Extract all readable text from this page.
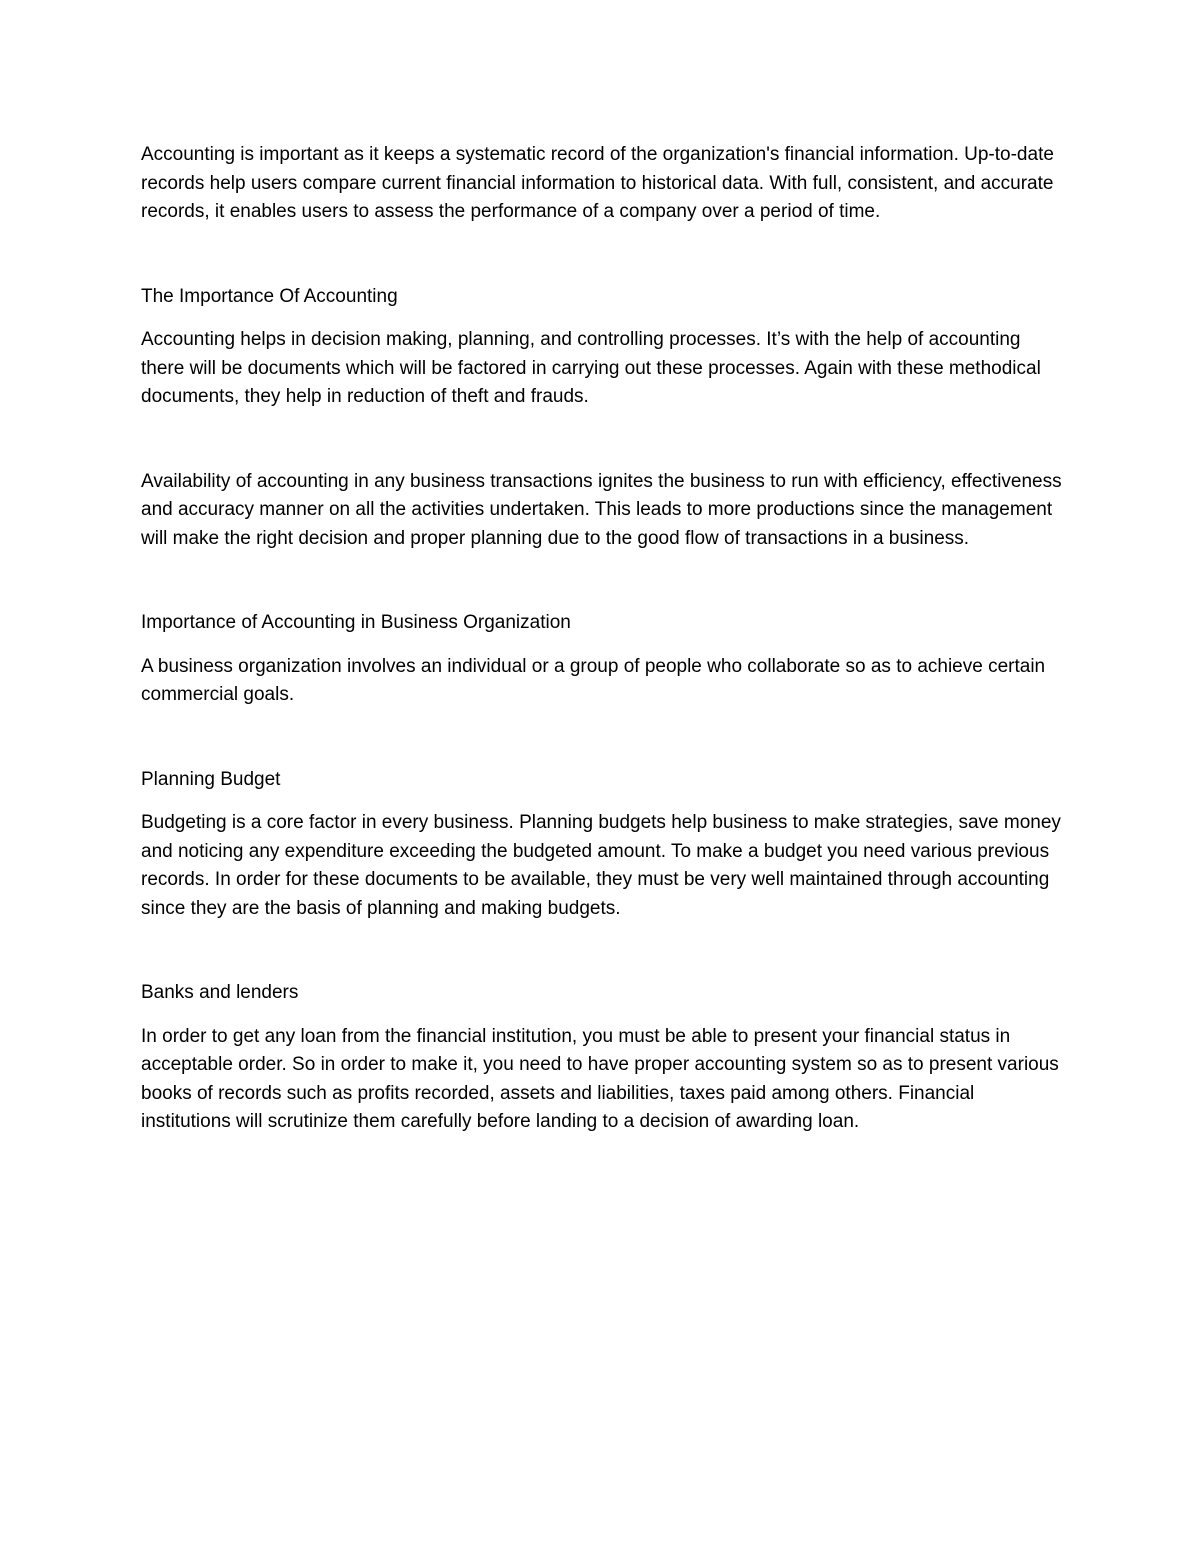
Accounting is important as it keeps a systematic record of the organization's financial information. Up-to-date records help users compare current financial information to historical data. With full, consistent, and accurate records, it enables users to assess the performance of a company over a period of time.

The Importance Of Accounting

Accounting helps in decision making, planning, and controlling processes. It’s with the help of accounting there will be documents which will be factored in carrying out these processes. Again with these methodical documents, they help in reduction of theft and frauds.

Availability of accounting in any business transactions ignites the business to run with efficiency, effectiveness and accuracy manner on all the activities undertaken. This leads to more productions since the management will make the right decision and proper planning due to the good flow of transactions in a business.

Importance of Accounting in Business Organization

A business organization involves an individual or a group of people who collaborate so as to achieve certain commercial goals.

Planning Budget

Budgeting is a core factor in every business. Planning budgets help business to make strategies, save money and noticing any expenditure exceeding the budgeted amount. To make a budget you need various previous records. In order for these documents to be available, they must be very well maintained through accounting since they are the basis of planning and making budgets.

Banks and lenders

In order to get any loan from the financial institution, you must be able to present your financial status in acceptable order. So in order to make it, you need to have proper accounting system so as to present various books of records such as profits recorded, assets and liabilities, taxes paid among others. Financial institutions will scrutinize them carefully before landing to a decision of awarding loan.
